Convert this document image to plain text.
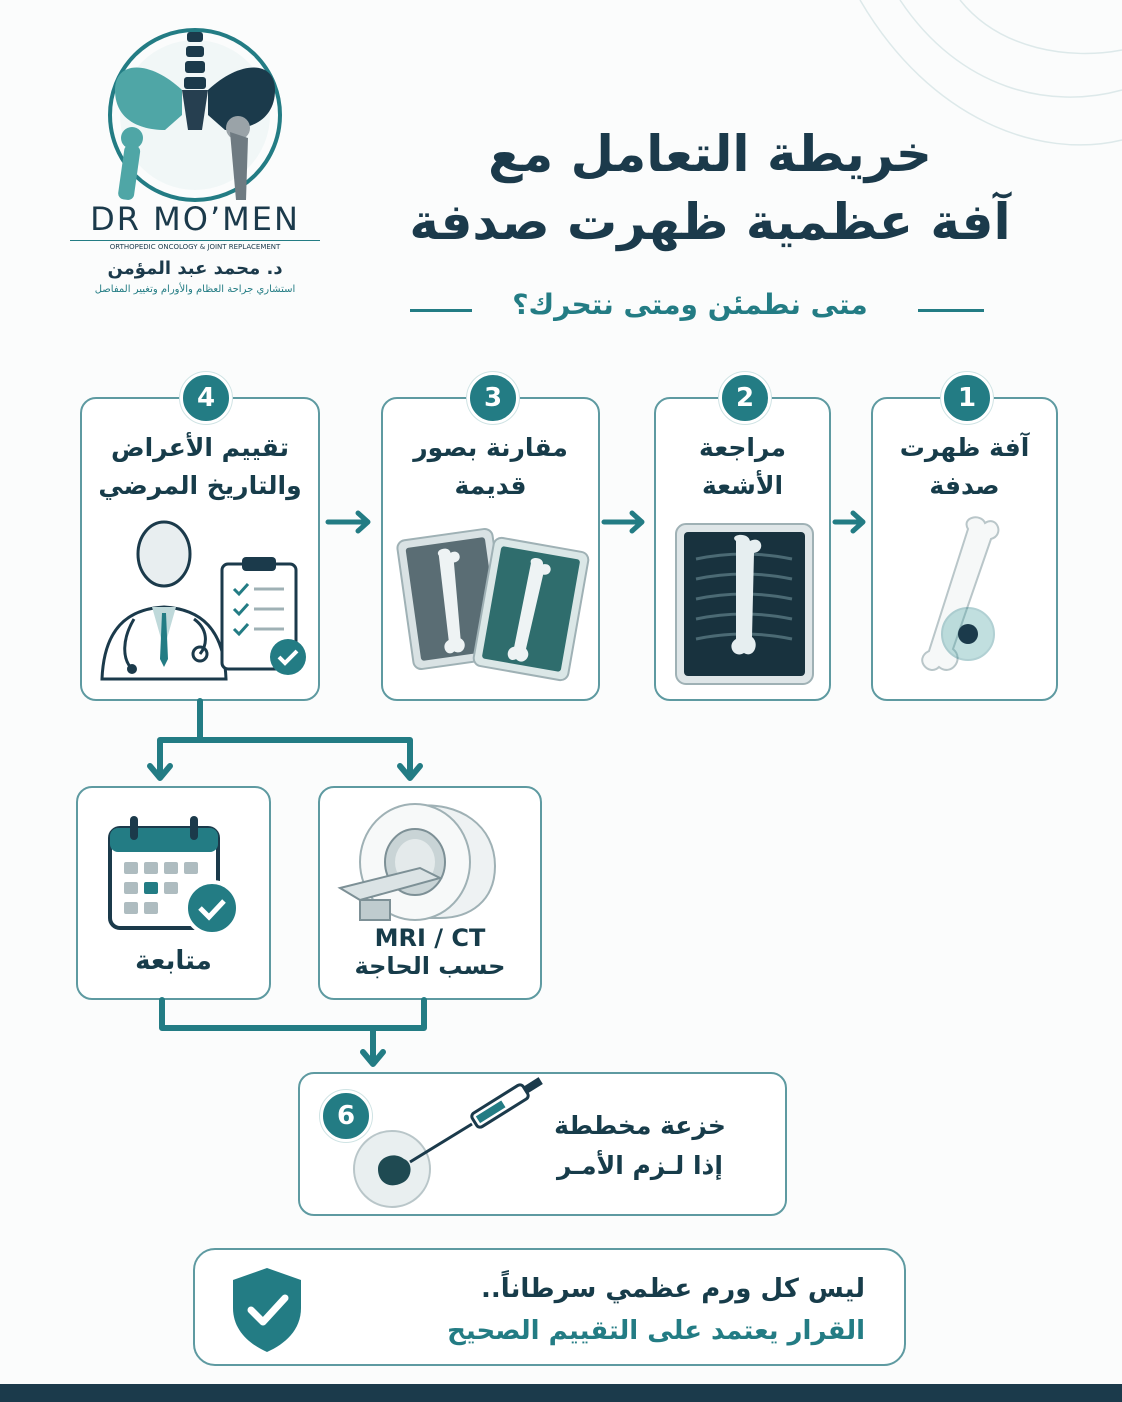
DR MO’MEN
ORTHOPEDIC ONCOLOGY & JOINT REPLACEMENT
د. محمد عبد المؤمن
استشاري جراحة العظام والأورام وتغيير المفاصل
خريطة التعامل مع
آفة عظمية ظهرت صدفة
متى نطمئن ومتى نتحرك؟
آفة ظهرت
صدفة
1
مراجعة
الأشعة
2
مقارنة بصور
قديمة
3
تقييم الأعراض
والتاريخ المرضي
4
متابعة
MRI / CT
حسب الحاجة
خزعة مخططة
إذا لـزم الأمـر
6
ليس كل ورم عظمي سرطاناً..
القرار يعتمد على التقييم الصحيح
